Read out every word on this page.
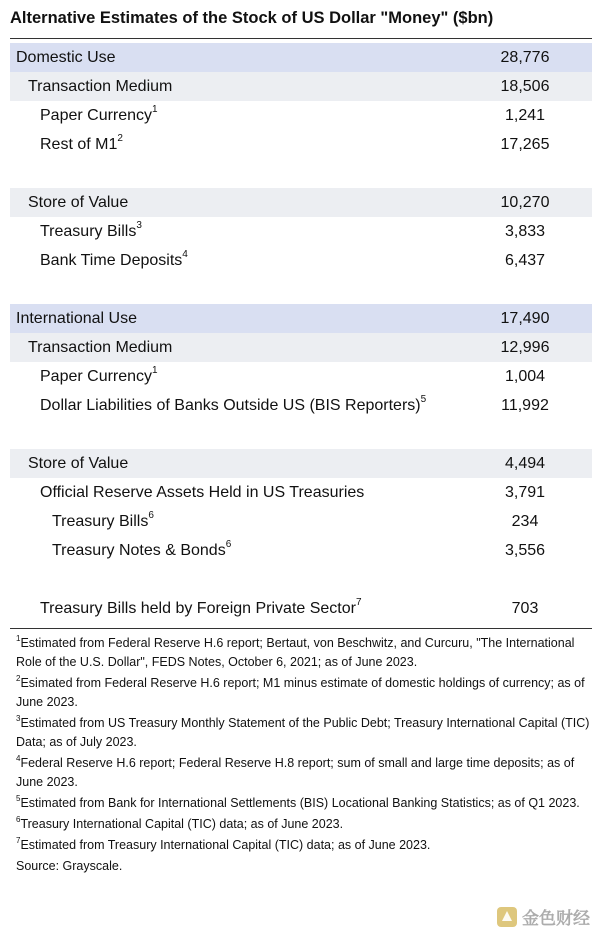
Alternative Estimates of the Stock of US Dollar "Money" ($bn)
Domestic Use	28,776
Transaction Medium	18,506
Paper Currency$^1$	1,241
Rest of $M1^2$	17,265
Store of Value	10,270
Treasury Bills$^3$	3,833
Bank Time Deposits$^4$	6,437
International Use	17,490
Transaction Medium	12,996
Paper Currency$^1$	1,004
Dollar Liabilities of Banks Outside US (BIS Reporters)$^5$	11,992
Store of Value	4,494
Official Reserve Assets Held in US Treasuries	3,791
Treasury Bills$^6$	234
Treasury Notes & Bonds$^6$	3,556
Treasury Bills held by Foreign Private Sector$^7$	703

$^1$Estimated from Federal Reserve H.6 report; Bertaut, von Beschwitz, and Curcuru, "The International Role of the U.S. Dollar", FEDS Notes, October 6, 2021; as of June 2023.

$^2$Esimated from Federal Reserve H.6 report; M1 minus estimate of domestic holdings of currency; as of June 2023.

$^3$Estimated from US Treasury Monthly Statement of the Public Debt; Treasury International Capital (TIC) Data; as of July 2023.

$^4$Federal Reserve H.6 report; Federal Reserve H.8 report; sum of small and large time deposits; as of June 2023.

$^5$Estimated from Bank for International Settlements (BIS) Locational Banking Statistics; as of Q1 2023.

$^6$Treasury International Capital (TIC) data; as of June 2023.

$^7$Estimated from Treasury International Capital (TIC) data; as of June 2023.

Source: Grayscale.

金色财经
